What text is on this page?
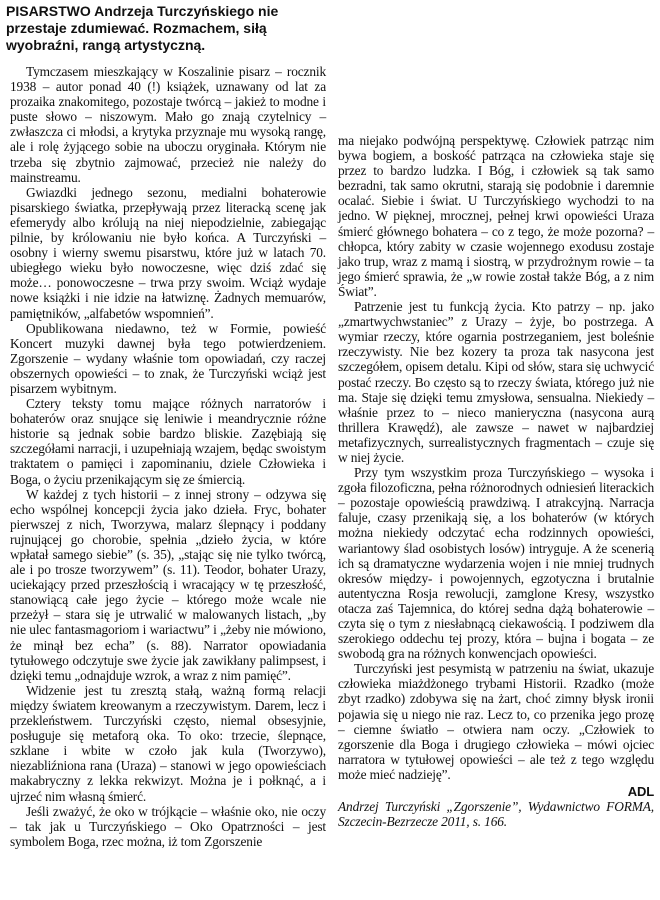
PISARSTWO Andrzeja Turczyńskiego nie przestaje zdumiewać. Rozmachem, siłą wyobraźni, rangą artystyczną.

Tymczasem mieszkający w Koszalinie pisarz – rocznik 1938 – autor ponad 40 (!) książek, uznawany od lat za prozaika znakomitego, pozostaje twórcą – jakież to modne i puste słowo – niszowym. Mało go znają czytelnicy – zwłaszcza ci młodsi, a krytyka przyznaje mu wysoką rangę, ale i rolę żyjącego sobie na uboczu oryginała. Którym nie trzeba się zbytnio zajmować, przecież nie należy do mainstreamu.

Gwiazdki jednego sezonu, medialni bohaterowie pisarskiego światka, przepływają przez literacką scenę jak efemerydy albo królują na niej niepodzielnie, zabiegając pilnie, by królowaniu nie było końca. A Turczyński – osobny i wierny swemu pisarstwu, które już w latach 70. ubiegłego wieku było nowoczesne, więc dziś zdać się może… ponowoczesne – trwa przy swoim. Wciąż wydaje nowe książki i nie idzie na łatwiznę. Żadnych memuarów, pamiętników, „alfabetów wspomnień”.

Opublikowana niedawno, też w Formie, powieść Koncert muzyki dawnej była tego potwierdzeniem. Zgorszenie – wydany właśnie tom opowiadań, czy raczej obszernych opowieści – to znak, że Turczyński wciąż jest pisarzem wybitnym.

Cztery teksty tomu mające różnych narratorów i bohaterów oraz snujące się leniwie i meandrycznie różne historie są jednak sobie bardzo bliskie. Zazębiają się szczegółami narracji, i uzupełniają wzajem, będąc swoistym traktatem o pamięci i zapominaniu, dziele Człowieka i Boga, o życiu przenikającym się ze śmiercią.

W każdej z tych historii – z innej strony – odzywa się echo wspólnej koncepcji życia jako dzieła. Fryc, bohater pierwszej z nich, Tworzywa, malarz ślepnący i poddany rujnującej go chorobie, spełnia „dzieło życia, w które wpłatał samego siebie” (s. 35), „stając się nie tylko twórcą, ale i po trosze tworzywem” (s. 11). Teodor, bohater Urazy, uciekający przed przeszłością i wracający w tę przeszłość, stanowiącą całe jego życie – którego może wcale nie przeżył – stara się je utrwalić w malowanych listach, „by nie ulec fantasmagoriom i wariactwu” i „żeby nie mówiono, że minął bez echa” (s. 88). Narrator opowiadania tytułowego odczytuje swe życie jak zawikłany palimpsest, i dzięki temu „odnajduje wzrok, a wraz z nim pamięć”.

Widzenie jest tu zresztą stałą, ważną formą relacji między światem kreowanym a rzeczywistym. Darem, lecz i przekleństwem. Turczyński często, niemal obsesyjnie, posługuje się metaforą oka. To oko: trzecie, ślepnące, szklane i wbite w czoło jak kula (Tworzywo), niezabliźniona rana (Uraza) – stanowi w jego opowieściach makabryczny z lekka rekwizyt. Można je i połknąć, a i ujrzeć nim własną śmierć.

Jeśli zważyć, że oko w trójkącie – właśnie oko, nie oczy – tak jak u Turczyńskiego – Oko Opatrzności – jest symbolem Boga, rzec można, iż tom Zgorszenie

ma niejako podwójną perspektywę. Człowiek patrząc nim bywa bogiem, a boskość patrząca na człowieka staje się przez to bardzo ludzka. I Bóg, i człowiek są tak samo bezradni, tak samo okrutni, starają się podobnie i daremnie ocalać. Siebie i świat. U Turczyńskiego wychodzi to na jedno. W pięknej, mrocznej, pełnej krwi opowieści Uraza śmierć głównego bohatera – co z tego, że może pozorna? – chłopca, który zabity w czasie wojennego exodusu zostaje jako trup, wraz z mamą i siostrą, w przydrożnym rowie – ta jego śmierć sprawia, że „w rowie został także Bóg, a z nim Świat”.

Patrzenie jest tu funkcją życia. Kto patrzy – np. jako „zmartwychwstaniec” z Urazy – żyje, bo postrzega. A wymiar rzeczy, które ogarnia postrzeganiem, jest boleśnie rzeczywisty. Nie bez kozery ta proza tak nasycona jest szczegółem, opisem detalu. Kipi od słów, stara się uchwycić postać rzeczy. Bo często są to rzeczy świata, którego już nie ma. Staje się dzięki temu zmysłowa, sensualna. Niekiedy – właśnie przez to – nieco manieryczna (nasycona aurą thrillera Krawędź), ale zawsze – nawet w najbardziej metafizycznych, surrealistycznych fragmentach – czuje się w niej życie.

Przy tym wszystkim proza Turczyńskiego – wysoka i zgoła filozoficzna, pełna różnorodnych odniesień literackich – pozostaje opowieścią prawdziwą. I atrakcyjną. Narracja faluje, czasy przenikają się, a los bohaterów (w których można niekiedy odczytać echa rodzinnych opowieści, wariantowy ślad osobistych losów) intryguje. A że scenerią ich są dramatyczne wydarzenia wojen i nie mniej trudnych okresów między- i powojennych, egzotyczna i brutalnie autentyczna Rosja rewolucji, zamglone Kresy, wszystko otacza zaś Tajemnica, do której sedna dążą bohaterowie – czyta się o tym z niesłabnącą ciekawością. I podziwem dla szerokiego oddechu tej prozy, która – bujna i bogata – ze swobodą gra na różnych konwencjach opowieści.

Turczyński jest pesymistą w patrzeniu na świat, ukazuje człowieka miażdżonego trybami Historii. Rzadko (może zbyt rzadko) zdobywa się na żart, choć zimny błysk ironii pojawia się u niego nie raz. Lecz to, co przenika jego prozę – ciemne światło – otwiera nam oczy. „Człowiek to zgorszenie dla Boga i drugiego człowieka – mówi ojciec narratora w tytułowej opowieści – ale też z tego względu może mieć nadzieję”.

ADL

Andrzej Turczyński „Zgorszenie”, Wydawnictwo FORMA, Szczecin-Bezrzecze 2011, s. 166.
